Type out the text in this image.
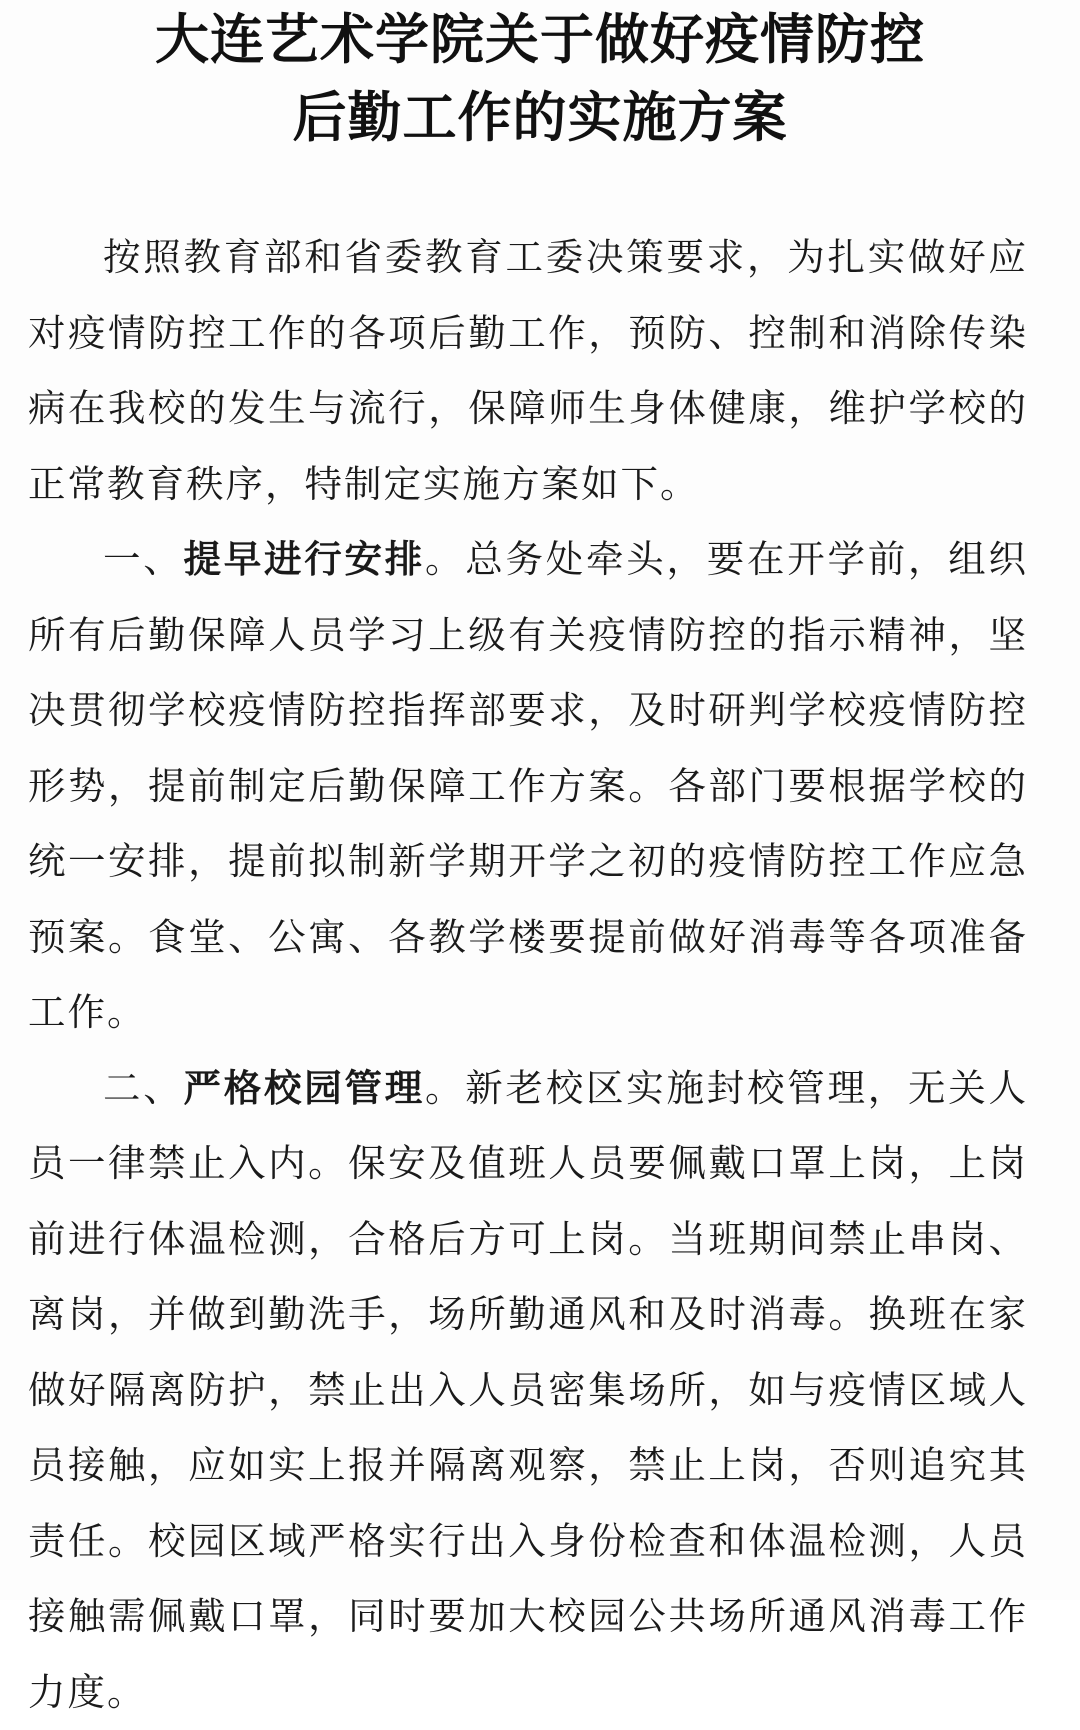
大连艺术学院关于做好疫情防控
后勤工作的实施方案

按照教育部和省委教育工委决策要求，为扎实做好应对疫情防控工作的各项后勤工作，预防、控制和消除传染病在我校的发生与流行，保障师生身体健康，维护学校的正常教育秩序，特制定实施方案如下。

一、提早进行安排。总务处牵头，要在开学前，组织所有后勤保障人员学习上级有关疫情防控的指示精神，坚决贯彻学校疫情防控指挥部要求，及时研判学校疫情防控形势，提前制定后勤保障工作方案。各部门要根据学校的统一安排，提前拟制新学期开学之初的疫情防控工作应急预案。食堂、公寓、各教学楼要提前做好消毒等各项准备工作。

二、严格校园管理。新老校区实施封校管理，无关人员一律禁止入内。保安及值班人员要佩戴口罩上岗，上岗前进行体温检测，合格后方可上岗。当班期间禁止串岗、离岗，并做到勤洗手，场所勤通风和及时消毒。换班在家做好隔离防护，禁止出入人员密集场所，如与疫情区域人员接触，应如实上报并隔离观察，禁止上岗，否则追究其责任。校园区域严格实行出入身份检查和体温检测，人员接触需佩戴口罩，同时要加大校园公共场所通风消毒工作力度。
